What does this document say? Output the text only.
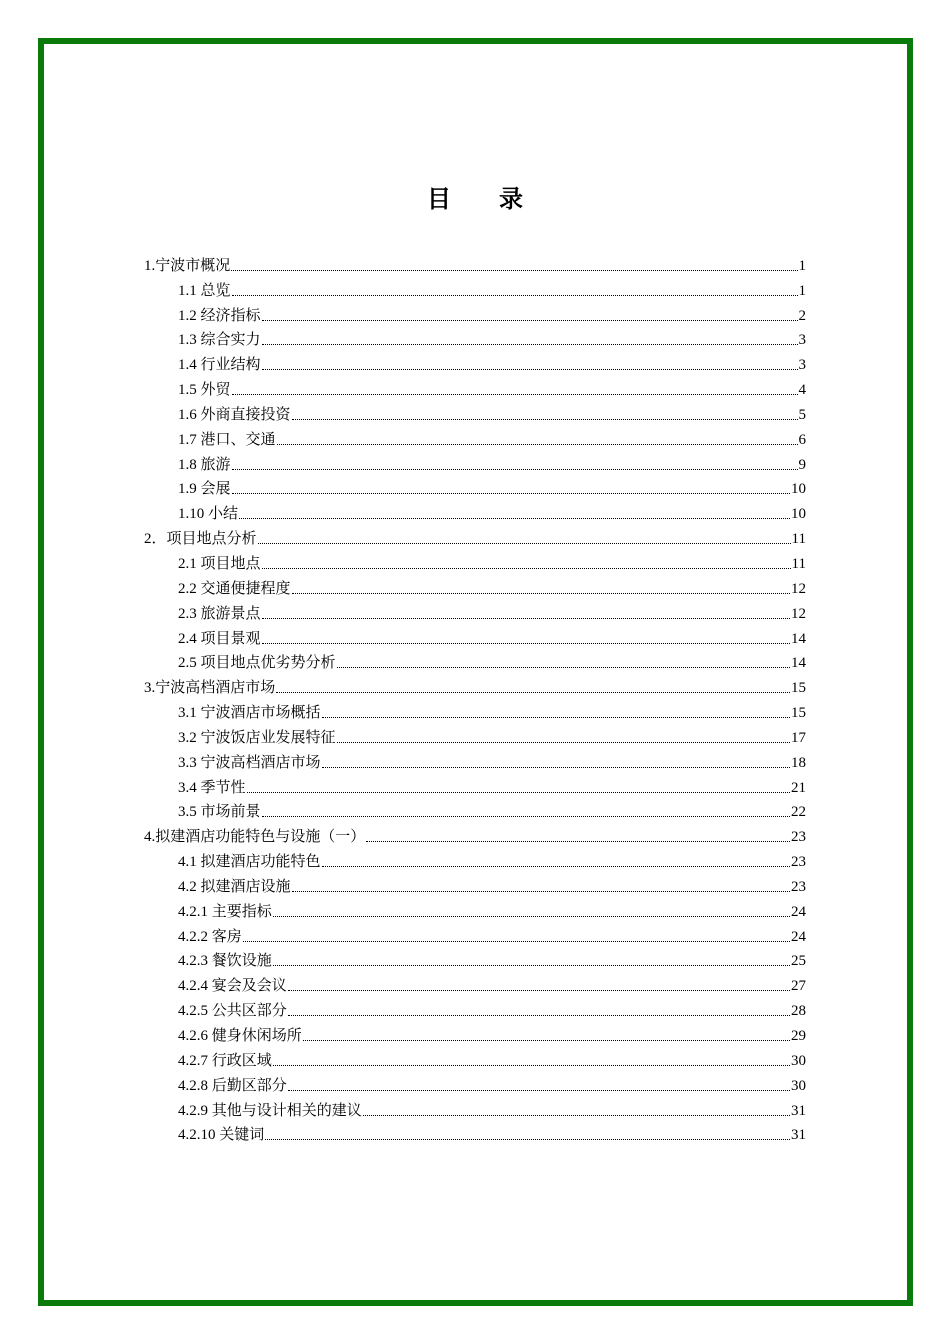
目录
1.宁波市概况	1
1.1 总览	1
1.2 经济指标	2
1.3 综合实力	3
1.4 行业结构	3
1.5 外贸	4
1.6 外商直接投资	5
1.7 港口、交通	6
1.8 旅游	9
1.9 会展	10
1.10 小结	10
2．项目地点分析	11
2.1 项目地点	11
2.2 交通便捷程度	12
2.3 旅游景点	12
2.4 项目景观	14
2.5 项目地点优劣势分析	14
3.宁波高档酒店市场	15
3.1 宁波酒店市场概括	15
3.2 宁波饭店业发展特征	17
3.3 宁波高档酒店市场	18
3.4 季节性	21
3.5 市场前景	22
4.拟建酒店功能特色与设施（一）	23
4.1 拟建酒店功能特色	23
4.2 拟建酒店设施	23
4.2.1 主要指标	24
4.2.2 客房	24
4.2.3 餐饮设施	25
4.2.4 宴会及会议	27
4.2.5 公共区部分	28
4.2.6 健身休闲场所	29
4.2.7 行政区域	30
4.2.8 后勤区部分	30
4.2.9 其他与设计相关的建议	31
4.2.10 关键词	31
